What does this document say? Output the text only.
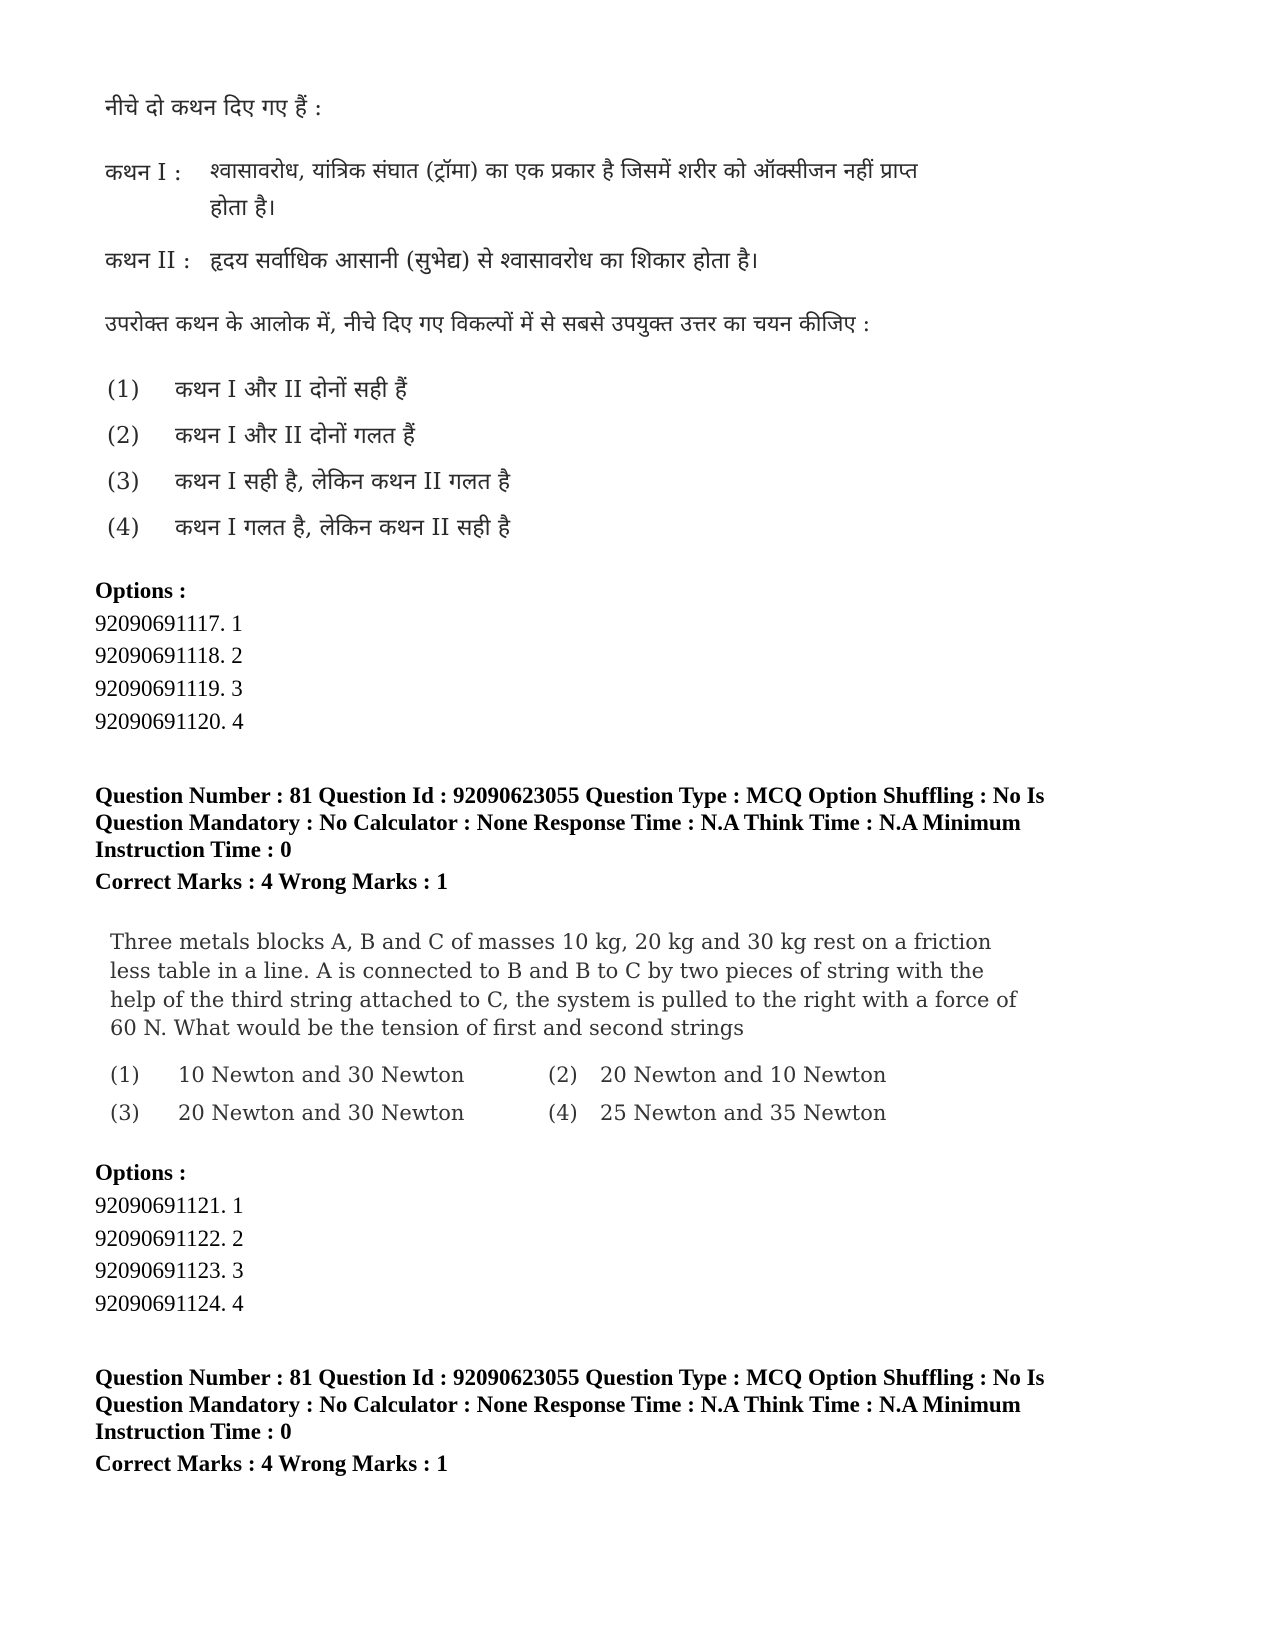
नीचे दो कथन दिए गए हैं :
कथन I : श्वासावरोध, यांत्रिक संघात (ट्रॉमा) का एक प्रकार है जिसमें शरीर को ऑक्सीजन नहीं प्राप्त
होता है।
कथन II : हृदय सर्वाधिक आसानी (सुभेद्य) से श्वासावरोध का शिकार होता है।
उपरोक्त कथन के आलोक में, नीचे दिए गए विकल्पों में से सबसे उपयुक्त उत्तर का चयन कीजिए :
(1) कथन I और II दोनों सही हैं
(2) कथन I और II दोनों गलत हैं
(3) कथन I सही है, लेकिन कथन II गलत है
(4) कथन I गलत है, लेकिन कथन II सही है
Options :
92090691117. 1
92090691118. 2
92090691119. 3
92090691120. 4
Question Number : 81 Question Id : 92090623055 Question Type : MCQ Option Shuffling : No Is
Question Mandatory : No Calculator : None Response Time : N.A Think Time : N.A Minimum
Instruction Time : 0
Correct Marks : 4 Wrong Marks : 1
Three metals blocks A, B and C of masses 10 kg, 20 kg and 30 kg rest on a friction
less table in a line. A is connected to B and B to C by two pieces of string with the
help of the third string attached to C, the system is pulled to the right with a force of
60 N. What would be the tension of first and second strings
(1) 10 Newton and 30 Newton	(2) 20 Newton and 10 Newton
(3) 20 Newton and 30 Newton	(4) 25 Newton and 35 Newton
Options :
92090691121. 1
92090691122. 2
92090691123. 3
92090691124. 4
Question Number : 81 Question Id : 92090623055 Question Type : MCQ Option Shuffling : No Is
Question Mandatory : No Calculator : None Response Time : N.A Think Time : N.A Minimum
Instruction Time : 0
Correct Marks : 4 Wrong Marks : 1
